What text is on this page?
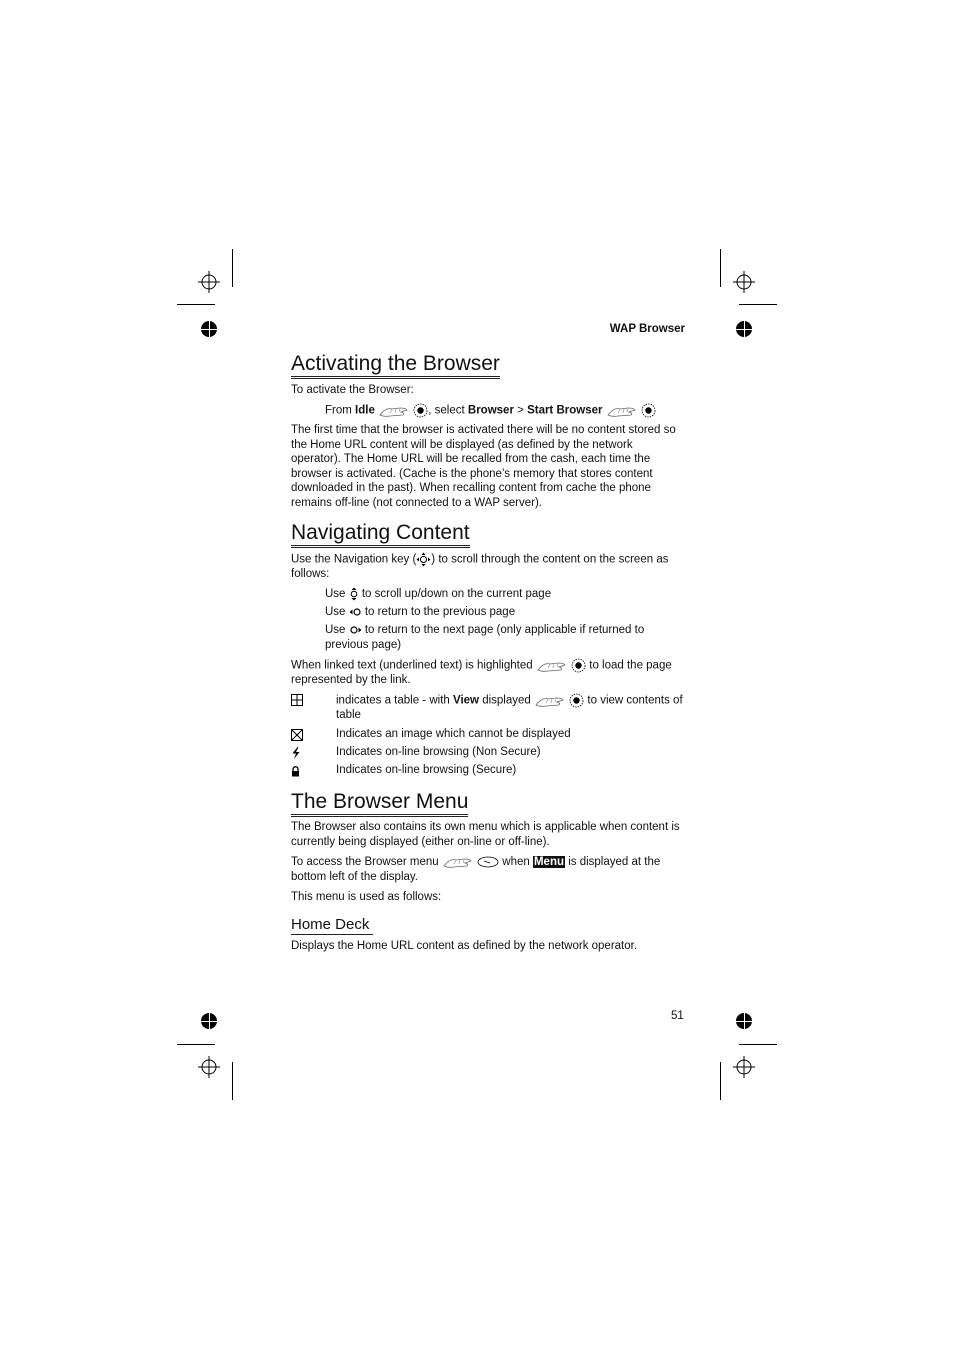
WAP Browser
Activating the Browser
To activate the Browser:
From Idle	, select Browser > Start Browser
The first time that the browser is activated there will be no content stored so the Home URL content will be displayed (as defined by the network operator). The Home URL will be recalled from the cash, each time the browser is activated. (Cache is the phone’s memory that stores content downloaded in the past). When recalling content from cache the phone remains off-line (not connected to a WAP server).
Navigating Content
Use the Navigation key ( ) to scroll through the content on the screen as follows:
Use to scroll up/down on the current page
Use to return to the previous page
Use to return to the next page (only applicable if returned to previous page)
When linked text (underlined text) is highlighted	to load the page represented by the link.
indicates a table - with View displayed	to view contents of table
Indicates an image which cannot be displayed
Indicates on-line browsing (Non Secure)
Indicates on-line browsing (Secure)
The Browser Menu
The Browser also contains its own menu which is applicable when content is currently being displayed (either on-line or off-line).
To access the Browser menu	when Menu is displayed at the bottom left of the display.
This menu is used as follows:
Home Deck
Displays the Home URL content as defined by the network operator.
51
